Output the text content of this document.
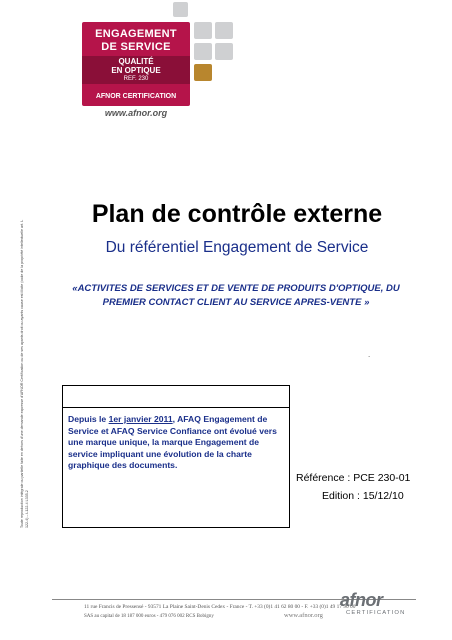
ENGAGEMENT
DE SERVICE
QUALITÉ
EN OPTIQUE
REF. 230
AFNOR CERTIFICATION
www.afnor.org
Toute reproduction intégrale ou partielle faite en dehors d'une demande expresse d'AFNOR Certification ou de ses ayants droit ou ayants cause est illicite (code de la propriété intellectuelle art. L 122-4) – L122-4 L335-2
Plan de contrôle externe
Du référentiel Engagement de Service
«ACTIVITES DE SERVICES ET DE VENTE DE PRODUITS D'OPTIQUE, DU
PREMIER CONTACT CLIENT AU SERVICE APRES-VENTE »
.
Depuis le 1er janvier 2011, AFAQ Engagement de Service et AFAQ Service Confiance ont évolué vers une marque unique, la marque Engagement de service impliquant une évolution de la charte graphique des documents.
Référence : PCE 230-01
Edition : 15/12/10
11 rue Francis de Pressensé - 93571 La Plaine Saint-Denis Cedex - France - T. +33 (0)1 41 62 80 00 - F. +33 (0)1 49 17 90 00
SAS au capital de 18 187 000 euros - 479 076 002 RCS Bobigny	www.afnor.org
afnor
CERTIFICATION
